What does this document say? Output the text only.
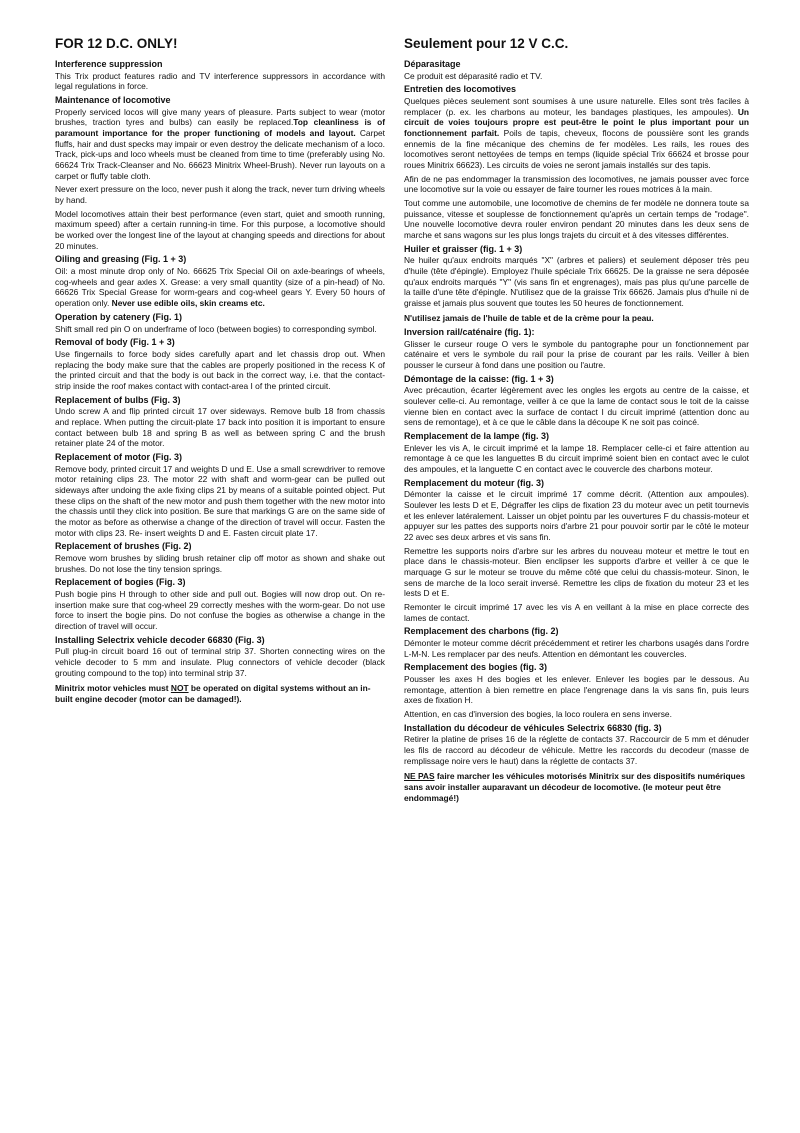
FOR 12 D.C. ONLY!
Interference suppression
This Trix product features radio and TV interference suppressors in accordance with legal regulations in force.
Maintenance of locomotive
Properly serviced locos will give many years of pleasure. Parts subject to wear (motor brushes, traction tyres and bulbs) can easily be replaced.Top cleanliness is of paramount importance for the proper functioning of models and layout. Carpet fluffs, hair and dust specks may impair or even destroy the delicate mechanism of a loco. Track, pick-ups and loco wheels must be cleaned from time to time (preferably using No. 66624 Trix Track-Cleanser and No. 66623 Minitrix Wheel-Brush). Never run layouts on a carpet or fluffy table cloth.
Never exert pressure on the loco, never push it along the track, never turn driving wheels by hand.
Model locomotives attain their best performance (even start, quiet and smooth running, maximum speed) after a certain running-in time. For this purpose, a locomotive should be worked over the longest line of the layout at changing speeds and directions for about 20 minutes.
Oiling and greasing (Fig. 1 + 3)
Oil: a most minute drop only of No. 66625 Trix Special Oil on axle-bearings of wheels, cog-wheels and gear axles X. Grease: a very small quantity (size of a pin-head) of No. 66626 Trix Special Grease for worm-gears and cog-wheel gears Y. Every 50 hours of operation only. Never use edible oils, skin creams etc.
Operation by catenery (Fig. 1)
Shift small red pin O on underframe of loco (between bogies) to corresponding symbol.
Removal of body (Fig. 1 + 3)
Use fingernails to force body sides carefully apart and let chassis drop out. When replacing the body make sure that the cables are properly positioned in the recess K of the printed circuit and that the body is out back in the correct way, i.e. that the contact-strip inside the roof makes contact with contact-area I of the printed circuit.
Replacement of bulbs (Fig. 3)
Undo screw A and flip printed circuit 17 over sideways. Remove bulb 18 from chassis and replace. When putting the circuit-plate 17 back into position it is important to ensure contact between bulb 18 and spring B as well as between spring C and the brush retainer plate 24 of the motor.
Replacement of motor (Fig. 3)
Remove body, printed circuit 17 and weights D und E. Use a small screwdriver to remove motor retaining clips 23. The motor 22 with shaft and worm-gear can be pulled out sideways after undoing the axle fixing clips 21 by means of a suitable pointed object. Put these clips on the shaft of the new motor and push them together with the new motor into the chassis until they click into position. Be sure that markings G are on the same side of the motor as before as otherwise a change of the direction of travel will occur. Fasten the motor with clips 23. Re- insert weights D and E. Fasten circuit plate 17.
Replacement of brushes (Fig. 2)
Remove worn brushes by sliding brush retainer clip off motor as shown and shake out brushes. Do not lose the tiny tension springs.
Replacement of bogies (Fig. 3)
Push bogie pins H through to other side and pull out. Bogies will now drop out. On re-insertion make sure that cog-wheel 29 correctly meshes with the worm-gear. Do not use force to insert the bogie pins. Do not confuse the bogies as otherwise a change in the direction of travel will occur.
Installing Selectrix vehicle decoder 66830 (Fig. 3)
Pull plug-in circuit board 16 out of terminal strip 37. Shorten connecting wires on the vehicle decoder to 5 mm and insulate. Plug connectors of vehicle decoder (black grouting compound to the top) into terminal strip 37.
Minitrix motor vehicles must NOT be operated on digital systems without an in-built engine decoder (motor can be damaged!).
Seulement pour 12 V C.C.
Déparasitage
Ce produit est déparasité radio et TV.
Entretien des locomotives
Quelques pièces seulement sont soumises à une usure naturelle. Elles sont très faciles à remplacer (p. ex. les charbons au moteur, les bandages plastiques, les ampoules). Un circuit de voies toujours propre est peut-être le point le plus important pour un fonctionnement parfait. Poils de tapis, cheveux, flocons de poussière sont les grands ennemis de la fine mécanique des chemins de fer modèles. Les rails, les roues des locomotives seront nettoyées de temps en temps (liquide spécial Trix 66624 et brosse pour roues Minitrix 66623). Les circuits de voies ne seront jamais installés sur des tapis.
Afin de ne pas endommager la transmission des locomotives, ne jamais pousser avec force une locomotive sur la voie ou essayer de faire tourner les roues motrices à la main.
Tout comme une automobile, une locomotive de chemins de fer modèle ne donnera toute sa puissance, vitesse et souplesse de fonctionnement qu'après un certain temps de "rodage". Une nouvelle locomotive devra rouler environ pendant 20 minutes dans les deux sens de marche et sans wagons sur les plus longs trajets du circuit et à des vitesses différentes.
Huiler et graisser (fig. 1 + 3)
Ne huiler qu'aux endroits marqués "X" (arbres et paliers) et seulement déposer très peu d'huile (tête d'épingle). Employez l'huile spéciale Trix 66625. De la graisse ne sera déposée qu'aux endroits marqués "Y" (vis sans fin et engrenages), mais pas plus qu'une parcelle de la taille d'une tête d'épingle. N'utilisez que de la graisse Trix 66626. Jamais plus d'huile ni de graisse et jamais plus souvent que toutes les 50 heures de fonctionnement.
N'utilisez jamais de l'huile de table et de la crème pour la peau.
Inversion rail/caténaire (fig. 1):
Glisser le curseur rouge O vers le symbole du pantographe pour un fonctionnement par caténaire et vers le symbole du rail pour la prise de courant par les rails. Veiller à bien pousser le curseur à fond dans une position ou l'autre.
Démontage de la caisse: (fig. 1 + 3)
Avec précaution, écarter légèrement avec les ongles les ergots au centre de la caisse, et soulever celle-ci. Au remontage, veiller à ce que la lame de contact sous le toit de la caisse vienne bien en contact avec la surface de contact I du circuit imprimé (attention donc au sens de remontage), et à ce que le câble dans la découpe K ne soit pas coincé.
Remplacement de la lampe (fig. 3)
Enlever les vis A, le circuit imprimé et la lampe 18. Remplacer celle-ci et faire attention au remontage à ce que les languettes B du circuit imprimé soient bien en contact avec le culot des ampoules, et la languette C en contact avec le couvercle des charbons moteur.
Remplacement du moteur (fig. 3)
Démonter la caisse et le circuit imprimé 17 comme décrit. (Attention aux ampoules). Soulever les lests D et E, Dégraffer les clips de fixation 23 du moteur avec un petit tournevis et les enlever latéralement. Laisser un objet pointu par les ouvertures F du chassis-moteur et appuyer sur les pattes des supports noirs d'arbre 21 pour pouvoir sortir par le côté le moteur 22 avec ses deux arbres et vis sans fin.
Remettre les supports noirs d'arbre sur les arbres du nouveau moteur et mettre le tout en place dans le chassis-moteur. Bien enclipser les supports d'arbre et veiller à ce que le marquage G sur le moteur se trouve du même côté que celui du chassis-moteur. Sinon, le sens de marche de la loco serait inversé. Remettre les clips de fixation du moteur 23 et les lests D et E.
Remonter le circuit imprimé 17 avec les vis A en veillant à la mise en place correcte des lames de contact.
Remplacement des charbons (fig. 2)
Démonter le moteur comme décrit précédemment et retirer les charbons usagés dans l'ordre L-M-N. Les remplacer par des neufs. Attention en démontant les couvercles.
Remplacement des bogies (fig. 3)
Pousser les axes H des bogies et les enlever. Enlever les bogies par le dessous. Au remontage, attention à bien remettre en place l'engrenage dans la vis sans fin, puis leurs axes de fixation H.
Attention, en cas d'inversion des bogies, la loco roulera en sens inverse.
Installation du décodeur de véhicules Selectrix 66830 (fig. 3)
Retirer la platine de prises 16 de la réglette de contacts 37. Raccourcir de 5 mm et dénuder les fils de raccord au décodeur de véhicule. Mettre les raccords du decodeur (masse de remplissage noire vers le haut) dans la réglette de contacts 37.
NE PAS faire marcher les véhicules motorisés Minitrix sur des dispositifs numériques sans avoir installer auparavant un décodeur de locomotive. (le moteur peut être endommagé!)
